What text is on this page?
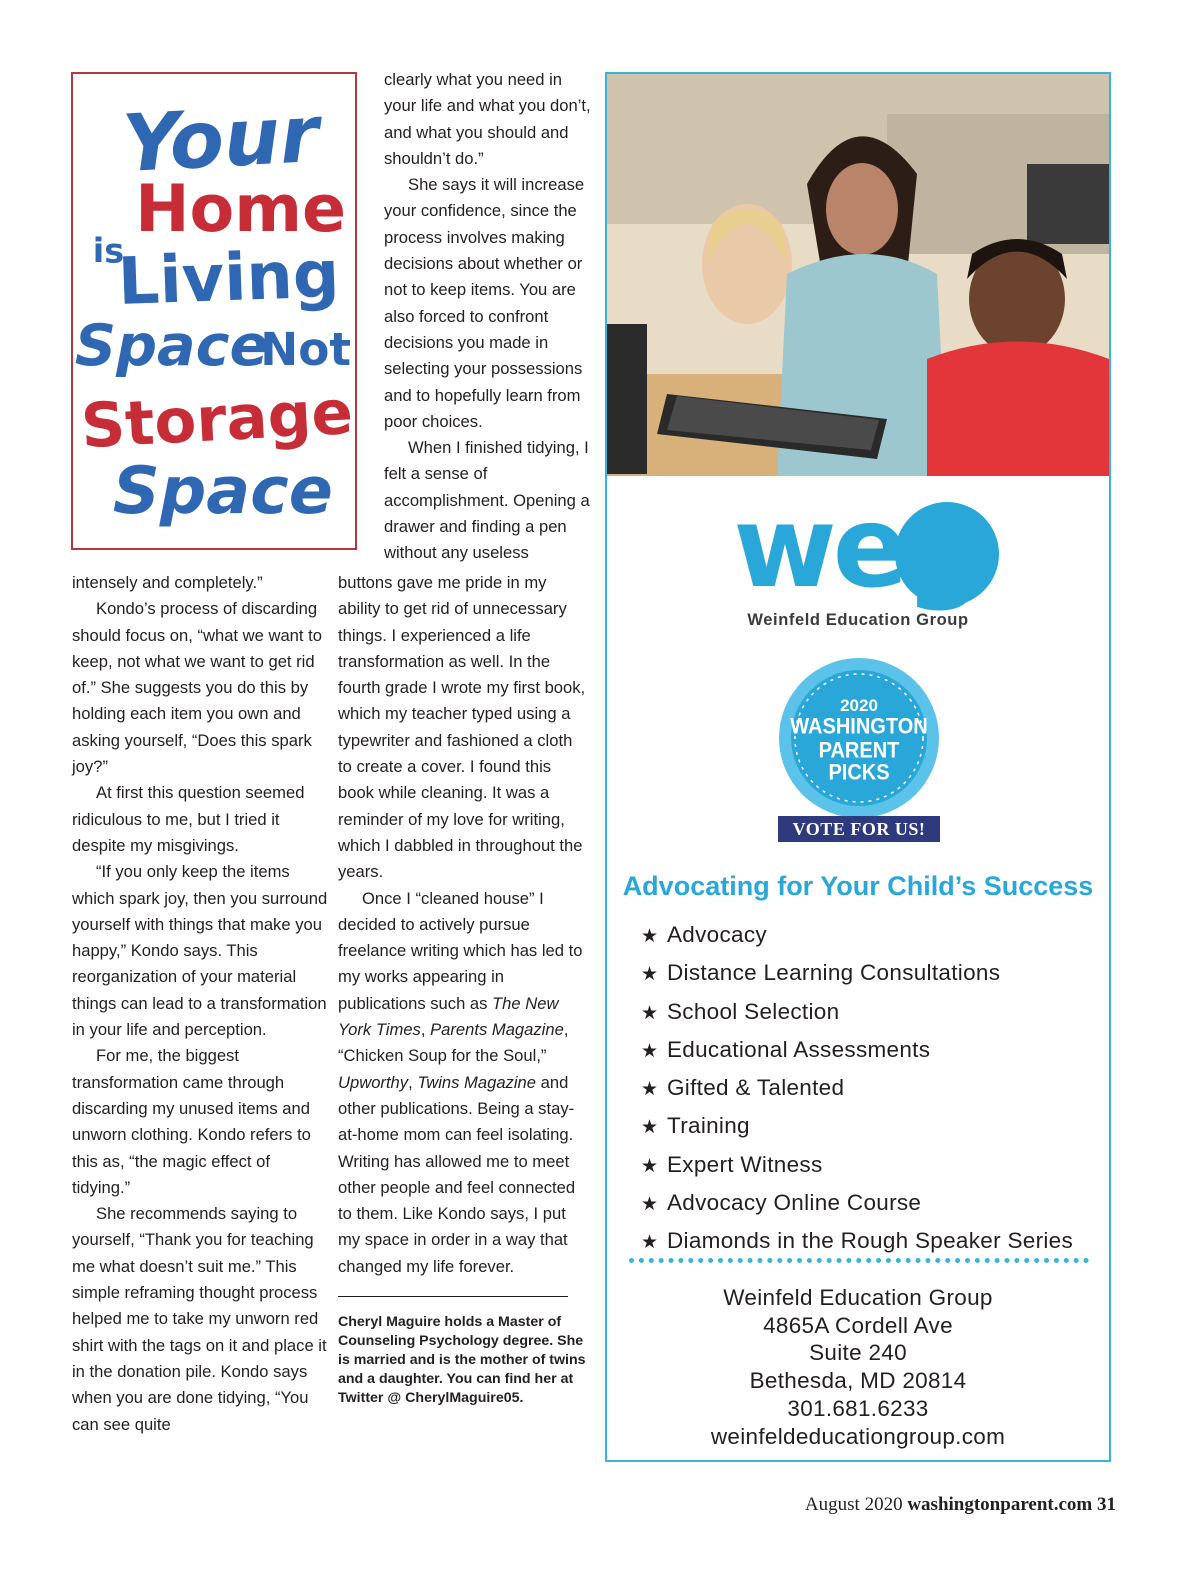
Your
Home
is
Living
Space
Not
Storage
Space

clearly what you need in your life and what you don’t, and what you should and shouldn’t do.”

She says it will increase your confidence, since the process involves making decisions about whether or not to keep items. You are also forced to confront decisions you made in selecting your possessions and to hopefully learn from poor choices.

When I finished tidying, I felt a sense of accomplishment. Opening a drawer and finding a pen without any useless

intensely and completely.”

Kondo’s process of discarding should focus on, “what we want to keep, not what we want to get rid of.” She suggests you do this by holding each item you own and asking yourself, “Does this spark joy?”

At first this question seemed ridiculous to me, but I tried it despite my misgivings.

“If you only keep the items which spark joy, then you surround yourself with things that make you happy,” Kondo says. This reorganization of your material things can lead to a transformation in your life and perception.

For me, the biggest transformation came through discarding my unused items and unworn clothing. Kondo refers to this as, “the magic effect of tidying.”

She recommends saying to yourself, “Thank you for teaching me what doesn’t suit me.” This simple reframing thought process helped me to take my unworn red shirt with the tags on it and place it in the donation pile. Kondo says when you are done tidying, “You can see quite

buttons gave me pride in my ability to get rid of unnecessary things. I experienced a life transformation as well. In the fourth grade I wrote my first book, which my teacher typed using a typewriter and fashioned a cloth to create a cover. I found this book while cleaning. It was a reminder of my love for writing, which I dabbled in throughout the years.

Once I “cleaned house” I decided to actively pursue freelance writing which has led to my works appearing in publications such as The New York Times, Parents Magazine, “Chicken Soup for the Soul,” Upworthy, Twins Magazine and other publications. Being a stay-at-home mom can feel isolating. Writing has allowed me to meet other people and feel connected to them. Like Kondo says, I put my space in order in a way that changed my life forever.

Cheryl Maguire holds a Master of Counseling Psychology degree. She is married and is the mother of twins and a daughter. You can find her at Twitter @ CherylMaguire05.
weg
Weinfeld Education Group
2020
WASHINGTON
PARENT
PICKS
VOTE FOR US!
Advocating for Your Child’s Success
★ Advocacy
★ Distance Learning Consultations
★ School Selection
★ Educational Assessments
★ Gifted & Talented
★ Training
★ Expert Witness
★ Advocacy Online Course
★ Diamonds in the Rough Speaker Series
Weinfeld Education Group
4865A Cordell Ave
Suite 240
Bethesda, MD 20814
301.681.6233
weinfeldeducationgroup.com
August 2020 washingtonparent.com 31
